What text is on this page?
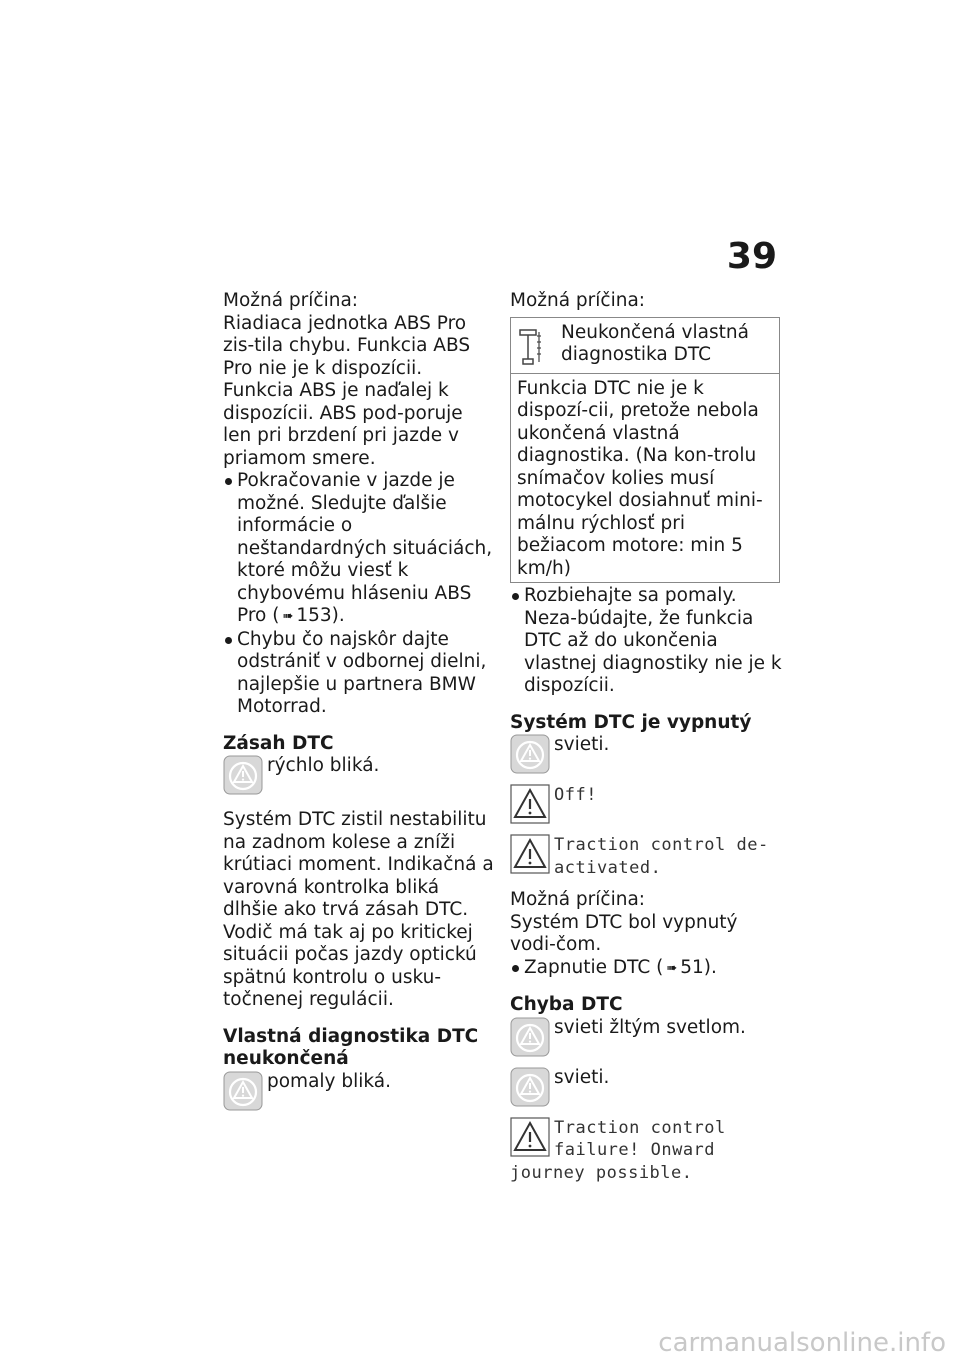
39

Možná príčina:

Riadiaca jednotka ABS Pro zis-tila chybu. Funkcia ABS Pro nie je k dispozícii. Funkcia ABS je naďalej k dispozícii. ABS pod-poruje len pri brzdení pri jazde v priamom smere.

Pokračovanie v jazde je možné. Sledujte ďalšie informácie o neštandardných situáciách, ktoré môžu viesť k chybovému hláseniu ABS Pro ( ➠ 153).

Chybu čo najskôr dajte odstrániť v odbornej dielni, najlepšie u partnera BMW Motorrad.

Zásah DTC
rýchlo bliká.

Systém DTC zistil nestabilitu na zadnom kolese a zníži krútiaci moment. Indikačná a varovná kontrolka bliká dlhšie ako trvá zásah DTC. Vodič má tak aj po kritickej situácii počas jazdy optickú spätnú kontrolu o usku-točnenej regulácii.

Vlastná diagnostika DTC neukončená
pomaly bliká.

Možná príčina:

Neukončená vlastná diagnostika DTC
Funkcia DTC nie je k dispozí-cii, pretože nebola ukončená vlastná diagnostika. (Na kon-trolu snímačov kolies musí motocykel dosiahnuť mini-málnu rýchlosť pri bežiacom motore: min 5 km/h)

Rozbiehajte sa pomaly. Neza-búdajte, že funkcia DTC až do ukončenia vlastnej diagnostiky nie je k dispozícii.

Systém DTC je vypnutý
svieti.
Off!
Traction control de-activated.

Možná príčina:

Systém DTC bol vypnutý vodi-čom.

Zapnutie DTC ( ➠ 51).

Chyba DTC
svieti žltým svetlom.
svieti.
Traction control
failure! Onward

journey possible.

carmanualsonline.info
